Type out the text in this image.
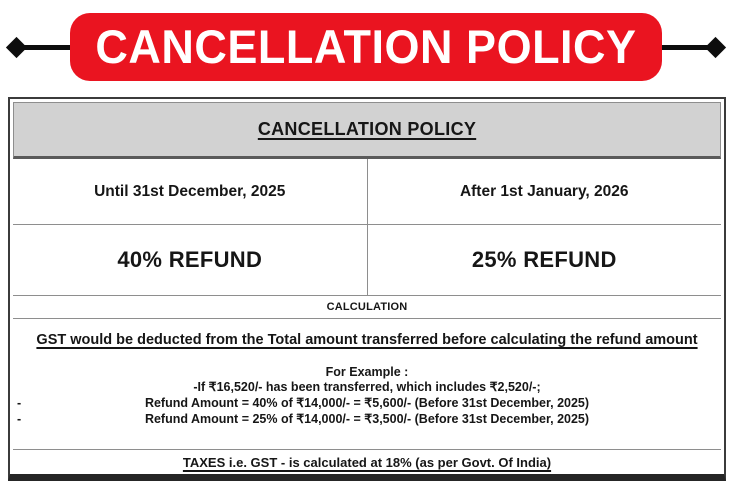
CANCELLATION POLICY
CANCELLATION POLICY
Until 31st December, 2025	After 1st January, 2026
40% REFUND	25% REFUND
CALCULATION
GST would be deducted from the Total amount transferred before calculating the refund amount
For Example :
-If ₹16,520/- has been transferred, which includes ₹2,520/-;
-	Refund Amount = 40% of ₹14,000/- = ₹5,600/- (Before 31st December, 2025)
-	Refund Amount = 25% of ₹14,000/- = ₹3,500/- (Before 31st December, 2025)
TAXES i.e. GST - is calculated at 18% (as per Govt. Of India)
